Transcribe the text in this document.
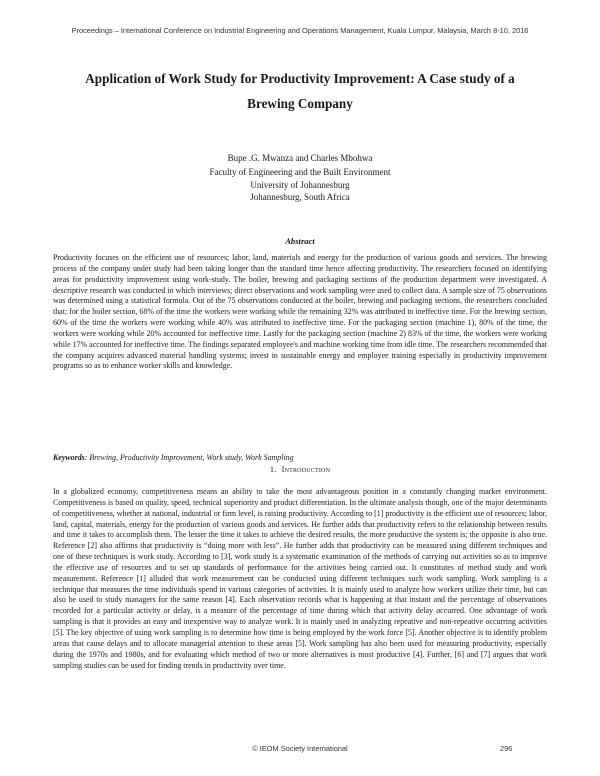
Proceedings – International Conference on Industrial Engineering and Operations Management, Kuala Lumpur, Malaysia, March 8-10, 2016
Application of Work Study for Productivity Improvement: A Case study of a Brewing Company
Bupe .G. Mwanza and Charles Mbohwa
Faculty of Engineering and the Built Environment
University of Johannesburg
Johannesburg, South Africa
Abstract

Productivity focuses on the efficient use of resources; labor, land, materials and energy for the production of various goods and services. The brewing process of the company under study had been taking longer than the standard time hence affecting productivity. The researchers focused on identifying areas for productivity improvement using work-study. The boiler, brewing and packaging sections of the production department were investigated. A descriptive research was conducted in which interviews; direct observations and work sampling were used to collect data. A sample size of 75 observations was determined using a statistical formula. Out of the 75 observations conducted at the boiler, brewing and packaging sections, the researchers concluded that; for the boiler section, 68% of the time the workers were working while the remaining 32% was attributed to ineffective time. For the brewing section, 60% of the time the workers were working while 40% was attributed to ineffective time. For the packaging section (machine 1), 80% of the time, the workers were working while 20% accounted for ineffective time. Lastly for the packaging section (machine 2) 83% of the time, the workers were working while 17% accounted for ineffective time. The findings separated employee's and machine working time from idle time. The researchers recommended that the company acquires advanced material handling systems; invest in sustainable energy and employee training especially in productivity improvement programs so as to enhance worker skills and knowledge.

Keywords: Brewing, Productivity Improvement, Work study, Work Sampling
1. Introduction

In a globalized economy, competitiveness means an ability to take the most advantageous position in a constantly changing market environment. Competitiveness is based on quality, speed, technical superiority and product differentiation. In the ultimate analysis though, one of the major determinants of competitiveness, whether at national, industrial or firm level, is raising productivity. According to [1] productivity is the efficient use of resources; labor, land, capital, materials, energy for the production of various goods and services. He further adds that productivity refers to the relationship between results and time it takes to accomplish them. The lesser the time it takes to achieve the desired results, the more productive the system is; the opposite is also true. Reference [2] also affirms that productivity is “doing more with less”. He further adds that productivity can be measured using different techniques and one of these techniques is work study. According to [3], work study is a systematic examination of the methods of carrying out activities so as to improve the effective use of resources and to set up standards of performance for the activities being carried out. It constitutes of method study and work measurement. Reference [1] alluded that work measurement can be conducted using different techniques such work sampling. Work sampling is a technique that measures the time individuals spend in various categories of activities. It is mainly used to analyze how workers utilize their time, but can also be used to study managers for the same reason [4]. Each observation records what is happening at that instant and the percentage of observations recorded for a particular activity or delay, is a measure of the percentage of time during which that activity delay occurred. One advantage of work sampling is that it provides an easy and inexpensive way to analyze work. It is mainly used in analyzing repeative and non-repeative occurring activities [5]. The key objective of using work sampling is to determine how time is being employed by the work force [5]. Another objective is to identify problem areas that cause delays and to allocate managerial attention to these areas [5]. Work sampling has also been used for measuring productivity, especially during the 1970s and 1980s, and for evaluating which method of two or more alternatives is most productive [4]. Further, [6] and [7] argues that work sampling studies can be used for finding trends in productivity over time.

© IEOM Society International	296
